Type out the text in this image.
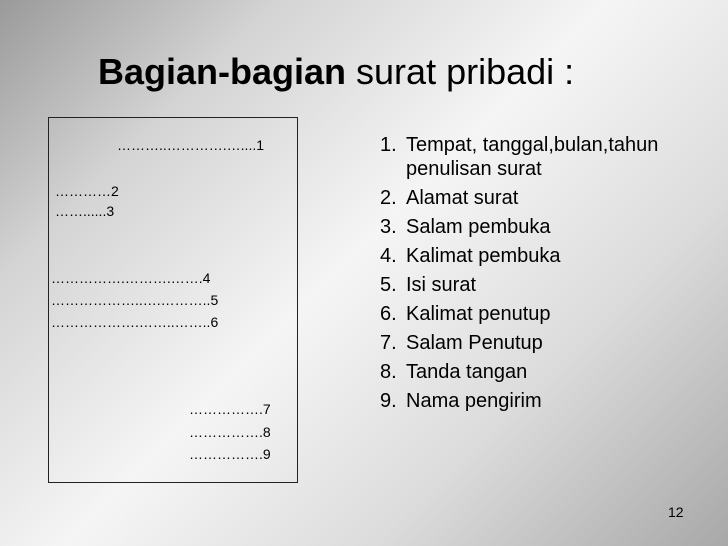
Bagian-bagian surat pribadi :
………..………….…....1
…………2
……......3
…………….……….…….4
………………..….………..5
……………….……..……..6
…………….7
…………….8
…………….9
1. Tempat, tanggal,bulan,tahun penulisan surat
2. Alamat surat
3. Salam pembuka
4. Kalimat pembuka
5. Isi surat
6. Kalimat penutup
7. Salam Penutup
8. Tanda tangan
9. Nama pengirim
12
